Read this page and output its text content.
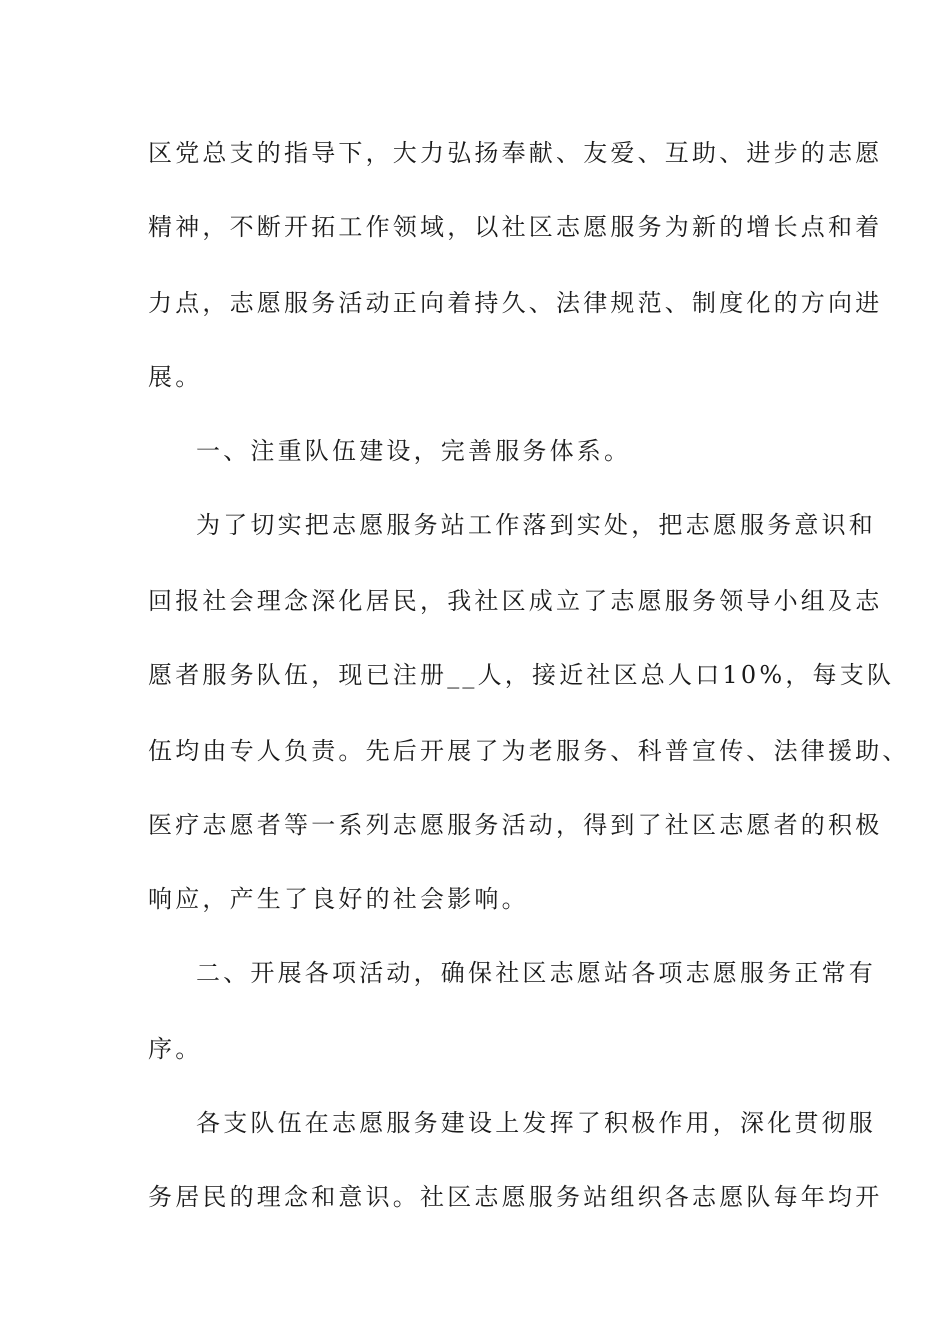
区党总支的指导下，大力弘扬奉献、友爱、互助、进步的志愿
精神，不断开拓工作领域，以社区志愿服务为新的增长点和着
力点，志愿服务活动正向着持久、法律规范、制度化的方向进
展。
一、注重队伍建设，完善服务体系。
为了切实把志愿服务站工作落到实处，把志愿服务意识和
回报社会理念深化居民，我社区成立了志愿服务领导小组及志
愿者服务队伍，现已注册__人，接近社区总人口10%，每支队
伍均由专人负责。先后开展了为老服务、科普宣传、法律援助、
医疗志愿者等一系列志愿服务活动，得到了社区志愿者的积极
响应，产生了良好的社会影响。
二、开展各项活动，确保社区志愿站各项志愿服务正常有
序。
各支队伍在志愿服务建设上发挥了积极作用，深化贯彻服
务居民的理念和意识。社区志愿服务站组织各志愿队每年均开
